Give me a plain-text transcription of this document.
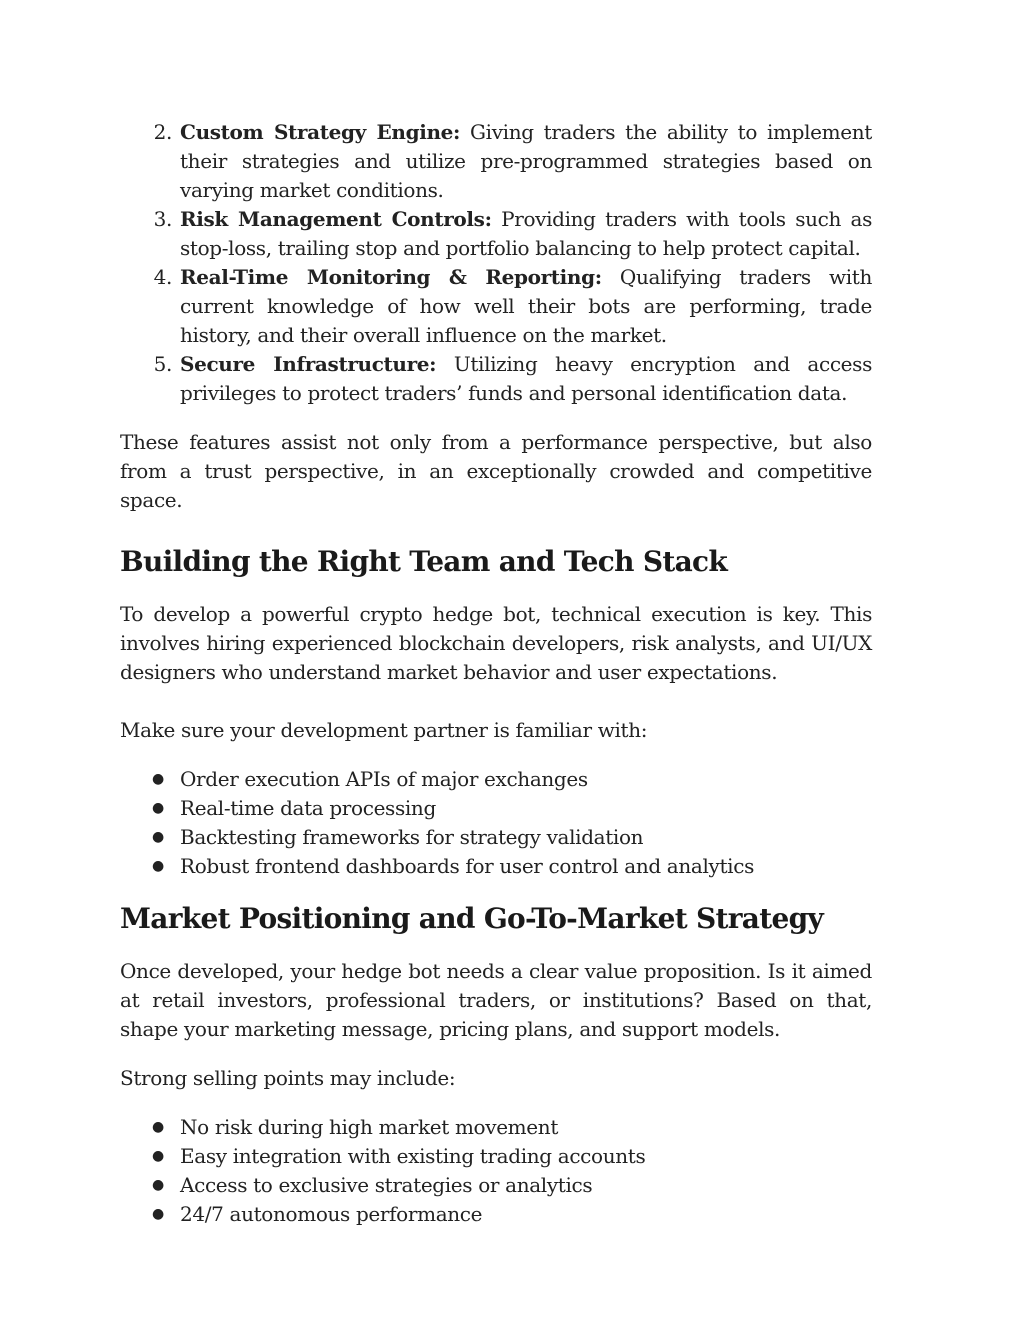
2. Custom Strategy Engine: Giving traders the ability to implement their strategies and utilize pre-programmed strategies based on varying market conditions.
3. Risk Management Controls: Providing traders with tools such as stop-loss, trailing stop and portfolio balancing to help protect capital.
4. Real-Time Monitoring & Reporting: Qualifying traders with current knowledge of how well their bots are performing, trade history, and their overall influence on the market.
5. Secure Infrastructure: Utilizing heavy encryption and access privileges to protect traders’ funds and personal identification data.

These features assist not only from a performance perspective, but also from a trust perspective, in an exceptionally crowded and competitive space.

Building the Right Team and Tech Stack

To develop a powerful crypto hedge bot, technical execution is key. This involves hiring experienced blockchain developers, risk analysts, and UI/UX designers who understand market behavior and user expectations.

Make sure your development partner is familiar with:

● Order execution APIs of major exchanges
● Real-time data processing
● Backtesting frameworks for strategy validation
● Robust frontend dashboards for user control and analytics
Market Positioning and Go-To-Market Strategy

Once developed, your hedge bot needs a clear value proposition. Is it aimed at retail investors, professional traders, or institutions? Based on that, shape your marketing message, pricing plans, and support models.

Strong selling points may include:

● No risk during high market movement
● Easy integration with existing trading accounts
● Access to exclusive strategies or analytics
● 24/7 autonomous performance
